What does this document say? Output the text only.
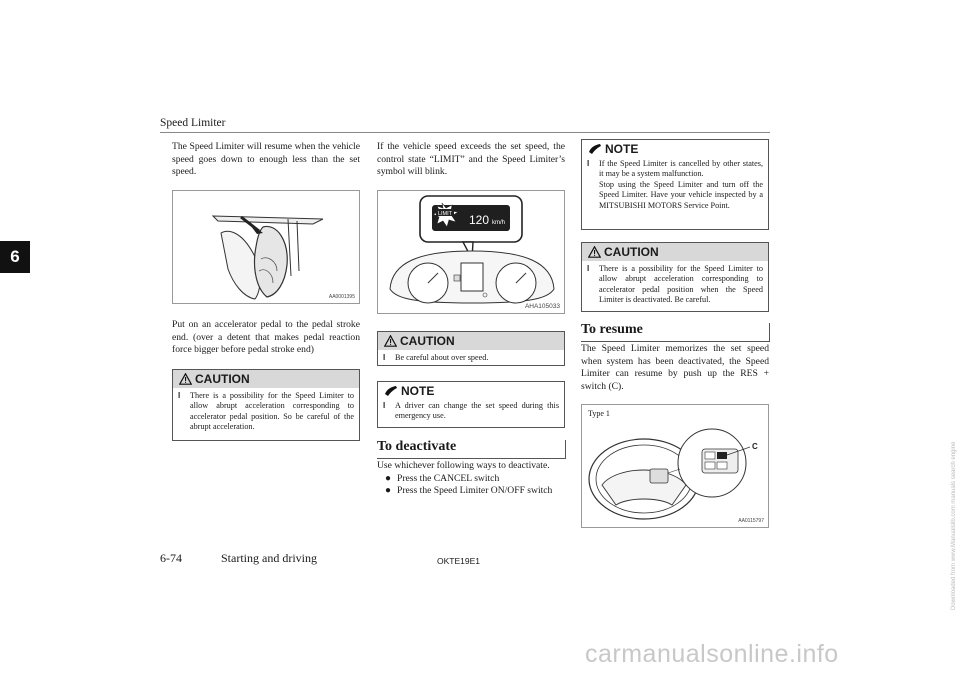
Speed Limiter
6
The Speed Limiter will resume when the vehicle speed goes down to enough less than the set speed.
AA0001395
Put on an accelerator pedal to the pedal stroke end. (over a detent that makes pedal reaction force bigger before pedal stroke end)
CAUTION
l	There is a possibility for the Speed Limiter to allow abrupt acceleration corresponding to accelerator pedal position. So be careful of the abrupt acceleration.
If the vehicle speed exceeds the set speed, the control state “LIMIT” and the Speed Limiter’s symbol will blink.
LIMIT 120 km/h
AHA105033
CAUTION
l	Be careful about over speed.
NOTE
l	A driver can change the set speed during this emergency use.
To deactivate
Use whichever following ways to deactivate.
● Press the CANCEL switch
● Press the Speed Limiter ON/OFF switch
NOTE
l	If the Speed Limiter is cancelled by other states, it may be a system malfunction.
Stop using the Speed Limiter and turn off the Speed Limiter. Have your vehicle inspected by a MITSUBISHI MOTORS Service Point.
CAUTION
l	There is a possibility for the Speed Limiter to allow abrupt acceleration corresponding to accelerator pedal position when the Speed Limiter is deactivated. Be careful.
To resume
The Speed Limiter memorizes the set speed when system has been deactivated, the Speed Limiter can resume by push up the RES + switch (C).
Type 1
C
AA0115797
6-74	Starting and driving	OKTE19E1
carmanualsonline.info
Downloaded from www.Manualslib.com manuals search engine
